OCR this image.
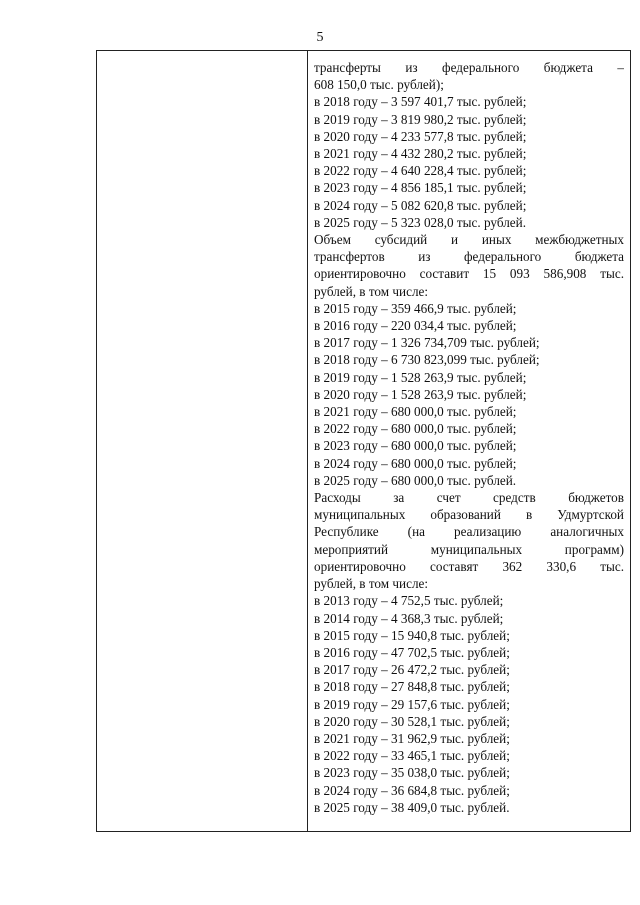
5
трансферты из федерального бюджета –
608 150,0 тыс. рублей);
в 2018 году – 3 597 401,7 тыс. рублей;
в 2019 году – 3 819 980,2 тыс. рублей;
в 2020 году – 4 233 577,8 тыс. рублей;
в 2021 году – 4 432 280,2 тыс. рублей;
в 2022 году – 4 640 228,4 тыс. рублей;
в 2023 году – 4 856 185,1 тыс. рублей;
в 2024 году – 5 082 620,8 тыс. рублей;
в 2025 году – 5 323 028,0 тыс. рублей.
Объем субсидий и иных межбюджетных
трансфертов из федерального бюджета
ориентировочно составит 15 093 586,908 тыс.
рублей, в том числе:
в 2015 году – 359 466,9 тыс. рублей;
в 2016 году – 220 034,4 тыс. рублей;
в 2017 году – 1 326 734,709 тыс. рублей;
в 2018 году – 6 730 823,099 тыс. рублей;
в 2019 году – 1 528 263,9 тыс. рублей;
в 2020 году – 1 528 263,9 тыс. рублей;
в 2021 году – 680 000,0 тыс. рублей;
в 2022 году – 680 000,0 тыс. рублей;
в 2023 году – 680 000,0 тыс. рублей;
в 2024 году – 680 000,0 тыс. рублей;
в 2025 году – 680 000,0 тыс. рублей.
Расходы за счет средств бюджетов
муниципальных образований в Удмуртской
Республике (на реализацию аналогичных
мероприятий муниципальных программ)
ориентировочно составят 362 330,6 тыс.
рублей, в том числе:
в 2013 году – 4 752,5 тыс. рублей;
в 2014 году – 4 368,3 тыс. рублей;
в 2015 году – 15 940,8 тыс. рублей;
в 2016 году – 47 702,5 тыс. рублей;
в 2017 году – 26 472,2 тыс. рублей;
в 2018 году – 27 848,8 тыс. рублей;
в 2019 году – 29 157,6 тыс. рублей;
в 2020 году – 30 528,1 тыс. рублей;
в 2021 году – 31 962,9 тыс. рублей;
в 2022 году – 33 465,1 тыс. рублей;
в 2023 году – 35 038,0 тыс. рублей;
в 2024 году – 36 684,8 тыс. рублей;
в 2025 году – 38 409,0 тыс. рублей.
